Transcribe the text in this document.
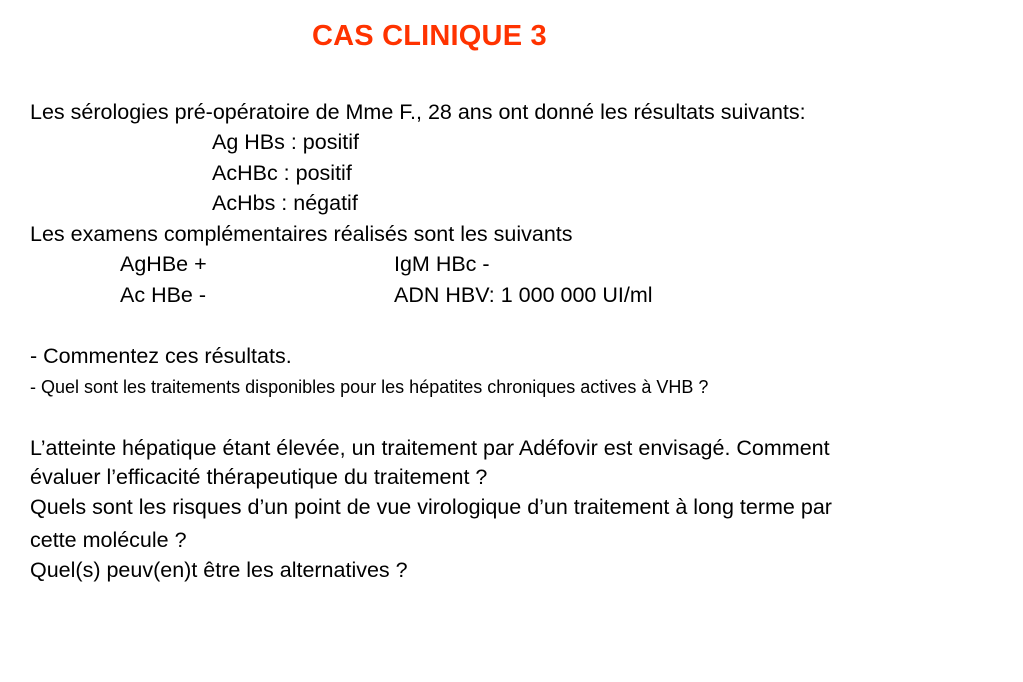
CAS CLINIQUE 3
Les sérologies pré-opératoire de Mme F., 28 ans ont donné les résultats suivants:
Ag HBs : positif
AcHBc : positif
AcHbs : négatif
Les examens complémentaires réalisés sont les suivants
AgHBe +	IgM HBc -
Ac HBe -	ADN HBV: 1 000 000 UI/ml
- Commentez ces résultats.
- Quel sont les traitements disponibles pour les hépatites chroniques actives à VHB ?
L’atteinte hépatique étant élevée, un traitement par Adéfovir est envisagé. Comment
évaluer l’efficacité thérapeutique du traitement ?
Quels sont les risques d’un point de vue virologique d’un traitement à long terme par
cette molécule ?
Quel(s) peuv(en)t être les alternatives ?
